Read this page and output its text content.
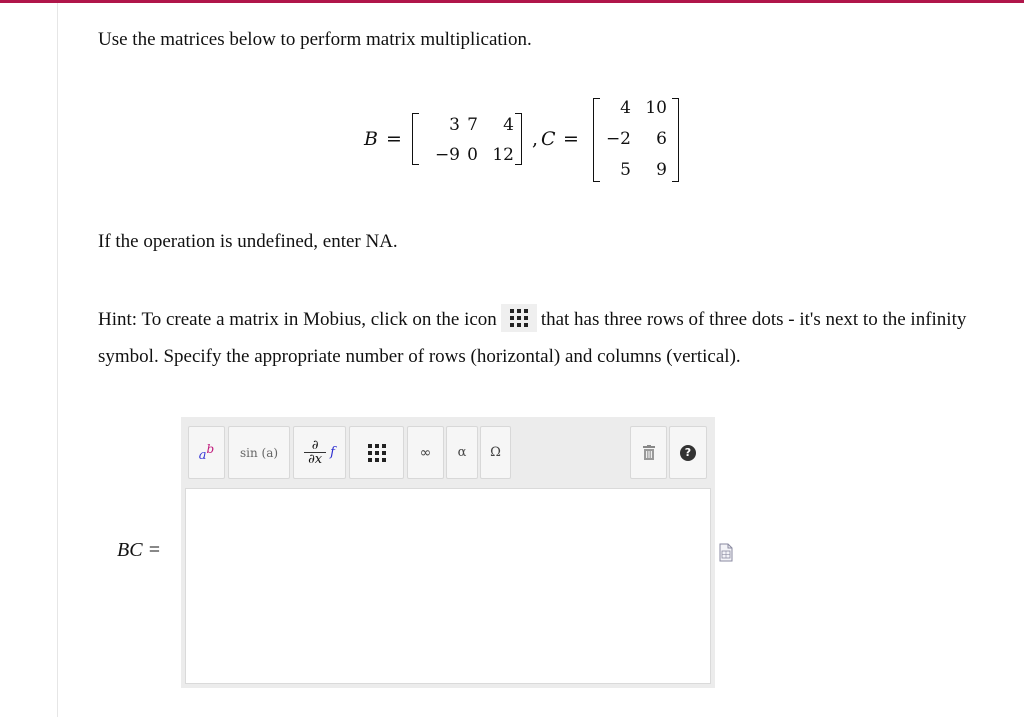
Use the matrices below to perform matrix multiplication.

B =
3 7	4
−9 0 12
, C =
4 10
−2	6
5	9

If the operation is undefined, enter NA.

Hint: To create a matrix in Mobius, click on the icon that has three rows of three dots - it's next to the infinity symbol. Specify the appropriate number of rows (horizontal) and columns (vertical).

$a^b$ sin (a)	∂
∂x f	∞ α Ω	?
BC =
